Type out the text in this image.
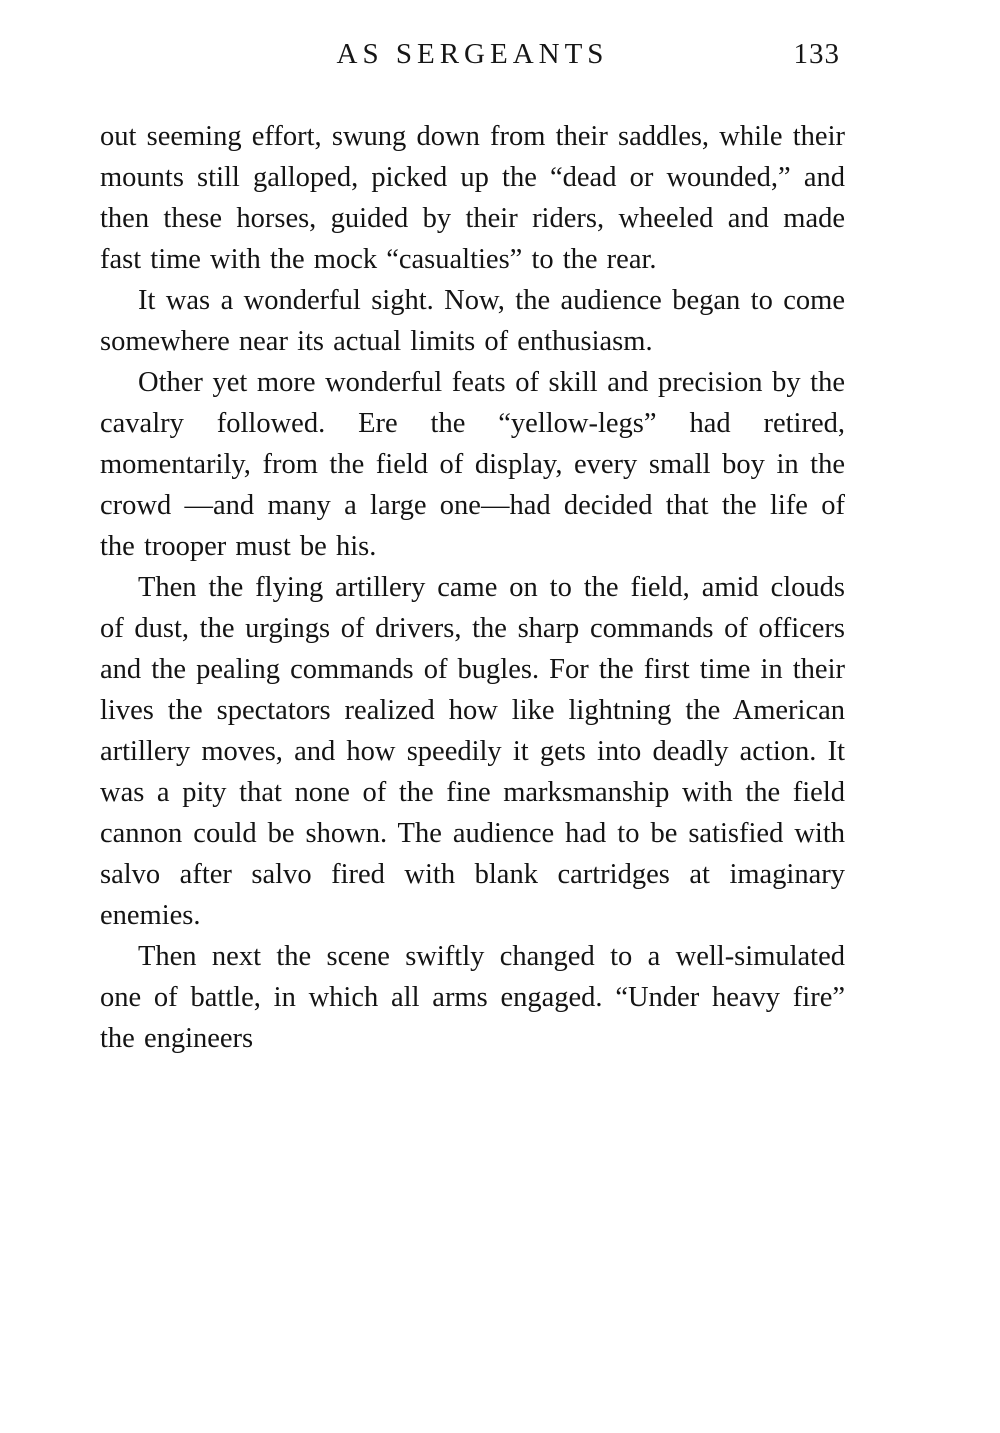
AS SERGEANTS	133

out seeming effort, swung down from their saddles, while their mounts still galloped, picked up the “dead or wounded,” and then these horses, guided by their riders, wheeled and made fast time with the mock “casualties” to the rear.

It was a wonderful sight. Now, the audience began to come somewhere near its actual limits of enthusiasm.

Other yet more wonderful feats of skill and precision by the cavalry followed. Ere the “yellow-legs” had retired, momentarily, from the field of display, every small boy in the crowd —and many a large one—had decided that the life of the trooper must be his.

Then the flying artillery came on to the field, amid clouds of dust, the urgings of drivers, the sharp commands of officers and the pealing commands of bugles. For the first time in their lives the spectators realized how like lightning the American artillery moves, and how speedily it gets into deadly action. It was a pity that none of the fine marksmanship with the field cannon could be shown. The audience had to be satisfied with salvo after salvo fired with blank cartridges at imaginary enemies.

Then next the scene swiftly changed to a well-simulated one of battle, in which all arms engaged. “Under heavy fire” the engineers
